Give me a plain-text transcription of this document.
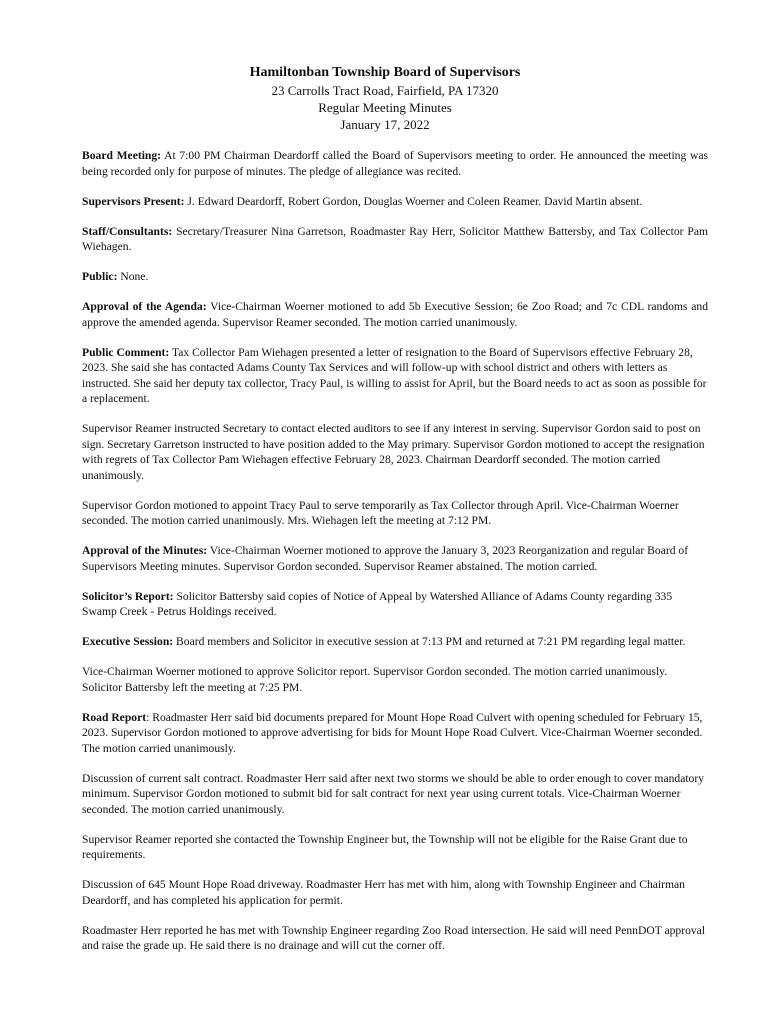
Hamiltonban Township Board of Supervisors
23 Carrolls Tract Road, Fairfield, PA 17320
Regular Meeting Minutes
January 17, 2022

Board Meeting: At 7:00 PM Chairman Deardorff called the Board of Supervisors meeting to order. He announced the meeting was being recorded only for purpose of minutes. The pledge of allegiance was recited.

Supervisors Present: J. Edward Deardorff, Robert Gordon, Douglas Woerner and Coleen Reamer. David Martin absent.

Staff/Consultants: Secretary/Treasurer Nina Garretson, Roadmaster Ray Herr, Solicitor Matthew Battersby, and Tax Collector Pam Wiehagen.

Public: None.

Approval of the Agenda: Vice-Chairman Woerner motioned to add 5b Executive Session; 6e Zoo Road; and 7c CDL randoms and approve the amended agenda. Supervisor Reamer seconded. The motion carried unanimously.

Public Comment: Tax Collector Pam Wiehagen presented a letter of resignation to the Board of Supervisors effective February 28, 2023. She said she has contacted Adams County Tax Services and will follow-up with school district and others with letters as instructed. She said her deputy tax collector, Tracy Paul, is willing to assist for April, but the Board needs to act as soon as possible for a replacement.

Supervisor Reamer instructed Secretary to contact elected auditors to see if any interest in serving. Supervisor Gordon said to post on sign. Secretary Garretson instructed to have position added to the May primary. Supervisor Gordon motioned to accept the resignation with regrets of Tax Collector Pam Wiehagen effective February 28, 2023. Chairman Deardorff seconded. The motion carried unanimously.

Supervisor Gordon motioned to appoint Tracy Paul to serve temporarily as Tax Collector through April. Vice-Chairman Woerner seconded. The motion carried unanimously. Mrs. Wiehagen left the meeting at 7:12 PM.

Approval of the Minutes: Vice-Chairman Woerner motioned to approve the January 3, 2023 Reorganization and regular Board of Supervisors Meeting minutes. Supervisor Gordon seconded. Supervisor Reamer abstained. The motion carried.

Solicitor’s Report: Solicitor Battersby said copies of Notice of Appeal by Watershed Alliance of Adams County regarding 335 Swamp Creek - Petrus Holdings received.

Executive Session: Board members and Solicitor in executive session at 7:13 PM and returned at 7:21 PM regarding legal matter.

Vice-Chairman Woerner motioned to approve Solicitor report. Supervisor Gordon seconded. The motion carried unanimously. Solicitor Battersby left the meeting at 7:25 PM.

Road Report: Roadmaster Herr said bid documents prepared for Mount Hope Road Culvert with opening scheduled for February 15, 2023. Supervisor Gordon motioned to approve advertising for bids for Mount Hope Road Culvert. Vice-Chairman Woerner seconded. The motion carried unanimously.

Discussion of current salt contract. Roadmaster Herr said after next two storms we should be able to order enough to cover mandatory minimum. Supervisor Gordon motioned to submit bid for salt contract for next year using current totals. Vice-Chairman Woerner seconded. The motion carried unanimously.

Supervisor Reamer reported she contacted the Township Engineer but, the Township will not be eligible for the Raise Grant due to requirements.

Discussion of 645 Mount Hope Road driveway. Roadmaster Herr has met with him, along with Township Engineer and Chairman Deardorff, and has completed his application for permit.

Roadmaster Herr reported he has met with Township Engineer regarding Zoo Road intersection. He said will need PennDOT approval and raise the grade up. He said there is no drainage and will cut the corner off.
